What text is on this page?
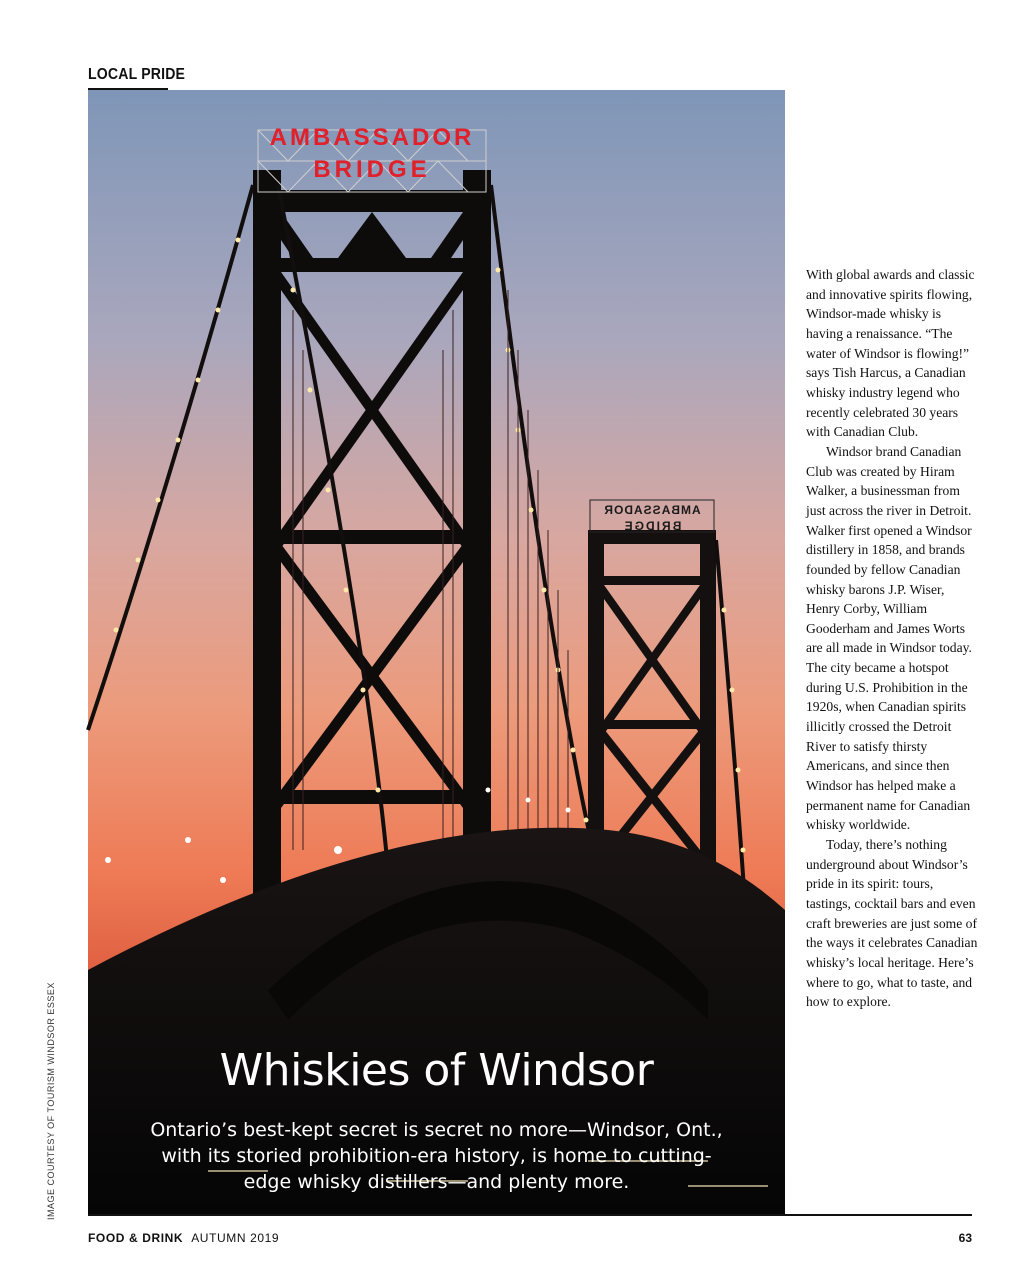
LOCAL PRIDE
AMBASSADOR
BRIDGE
AMBASSADOR
BRIDGE
Whiskies of Windsor
Ontario’s best-kept secret is secret no more—Windsor, Ont., with its storied prohibition-era history, is home to cutting-edge whisky distillers—and plenty more.
BY CHARLENE ROOKE | PHOTOGRAPHY BY JAMES TSE

With global awards and classic and innovative spirits flowing, Windsor-made whisky is having a renaissance. “The water of Windsor is flowing!” says Tish Harcus, a Canadian whisky industry legend who recently celebrated 30 years with Canadian Club.

Windsor brand Canadian Club was created by Hiram Walker, a businessman from just across the river in Detroit. Walker first opened a Windsor distillery in 1858, and brands founded by fellow Canadian whisky barons J.P. Wiser, Henry Corby, William Gooderham and James Worts are all made in Windsor today. The city became a hotspot during U.S. Prohibition in the 1920s, when Canadian spirits illicitly crossed the Detroit River to satisfy thirsty Americans, and since then Windsor has helped make a permanent name for Canadian whisky worldwide.

Today, there’s nothing underground about Windsor’s pride in its spirit: tours, tastings, cocktail bars and even craft breweries are just some of the ways it celebrates Canadian whisky’s local heritage. Here’s where to go, what to taste, and how to explore.

IMAGE COURTESY OF TOURISM WINDSOR ESSEX
FOOD & DRINK AUTUMN 2019	63
